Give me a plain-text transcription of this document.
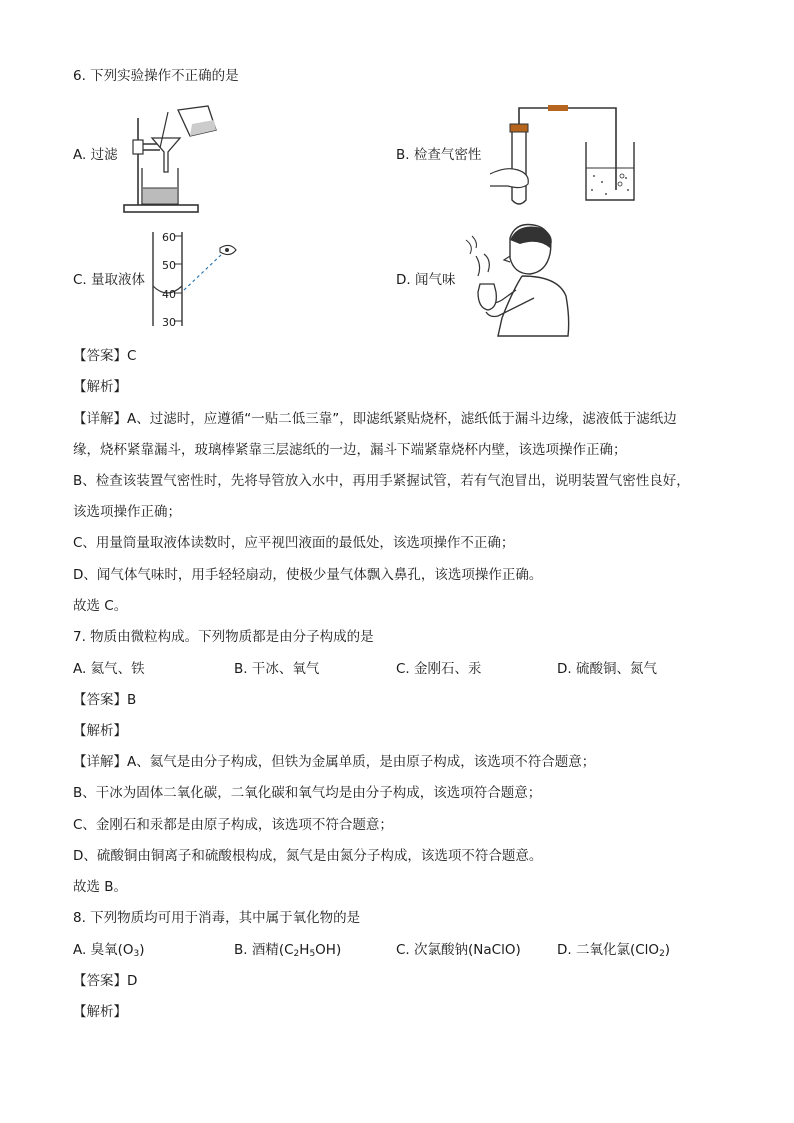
6. 下列实验操作不正确的是
A. 过滤	B. 检查气密性
C. 量取液体
60
50
40
30
D. 闻气味
【答案】C
【解析】
【详解】A、过滤时，应遵循“一贴二低三靠”，即滤纸紧贴烧杯，滤纸低于漏斗边缘，滤液低于滤纸边
缘，烧杯紧靠漏斗，玻璃棒紧靠三层滤纸的一边，漏斗下端紧靠烧杯内壁，该选项操作正确；
B、检查该装置气密性时，先将导管放入水中，再用手紧握试管，若有气泡冒出，说明装置气密性良好，
该选项操作正确；
C、用量筒量取液体读数时，应平视凹液面的最低处，该选项操作不正确；
D、闻气体气味时，用手轻轻扇动，使极少量气体飘入鼻孔，该选项操作正确。
故选 C。
7. 物质由微粒构成。下列物质都是由分子构成的是
A. 氦气、铁	B. 干冰、氧气	C. 金刚石、汞	D. 硫酸铜、氮气
【答案】B
【解析】
【详解】A、氦气是由分子构成，但铁为金属单质，是由原子构成，该选项不符合题意；
B、干冰为固体二氧化碳，二氧化碳和氧气均是由分子构成，该选项符合题意；
C、金刚石和汞都是由原子构成，该选项不符合题意；
D、硫酸铜由铜离子和硫酸根构成，氮气是由氮分子构成，该选项不符合题意。
故选 B。
8. 下列物质均可用于消毒，其中属于氧化物的是
A. 臭氧$(O_3)$	B. 酒精$(C_2H_5OH)$	C. 次氯酸钠(NaClO)	D. 二氧化氯(ClO$_2$)
【答案】D
【解析】
